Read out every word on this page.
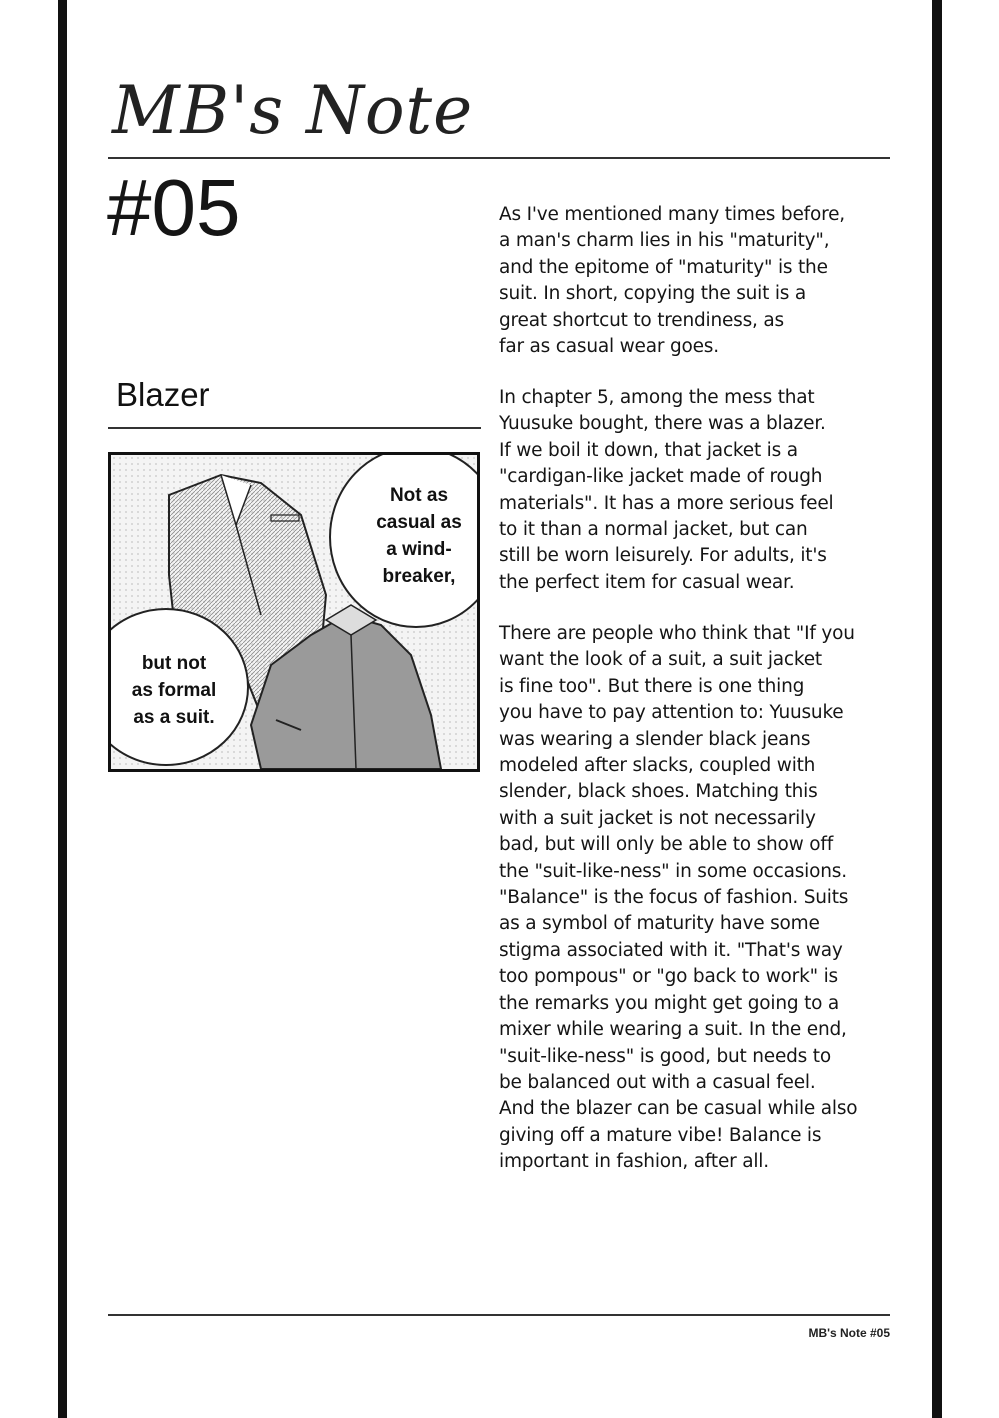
MB's Note
#05
Blazer
Not as
casual as
a wind-
breaker,
but not
as formal
as a suit.
As I've mentioned many times before,
a man's charm lies in his "maturity",
and the epitome of "maturity" is the
suit. In short, copying the suit is a
great shortcut to trendiness, as
far as casual wear goes.
In chapter 5, among the mess that
Yuusuke bought, there was a blazer.
If we boil it down, that jacket is a
"cardigan-like jacket made of rough
materials". It has a more serious feel
to it than a normal jacket, but can
still be worn leisurely. For adults, it's
the perfect item for casual wear.
There are people who think that "If you
want the look of a suit, a suit jacket
is fine too". But there is one thing
you have to pay attention to: Yuusuke
was wearing a slender black jeans
modeled after slacks, coupled with
slender, black shoes. Matching this
with a suit jacket is not necessarily
bad, but will only be able to show off
the "suit-like-ness" in some occasions.
"Balance" is the focus of fashion. Suits
as a symbol of maturity have some
stigma associated with it. "That's way
too pompous" or "go back to work" is
the remarks you might get going to a
mixer while wearing a suit. In the end,
"suit-like-ness" is good, but needs to
be balanced out with a casual feel.
And the blazer can be casual while also
giving off a mature vibe! Balance is
important in fashion, after all.
MB's Note #05
